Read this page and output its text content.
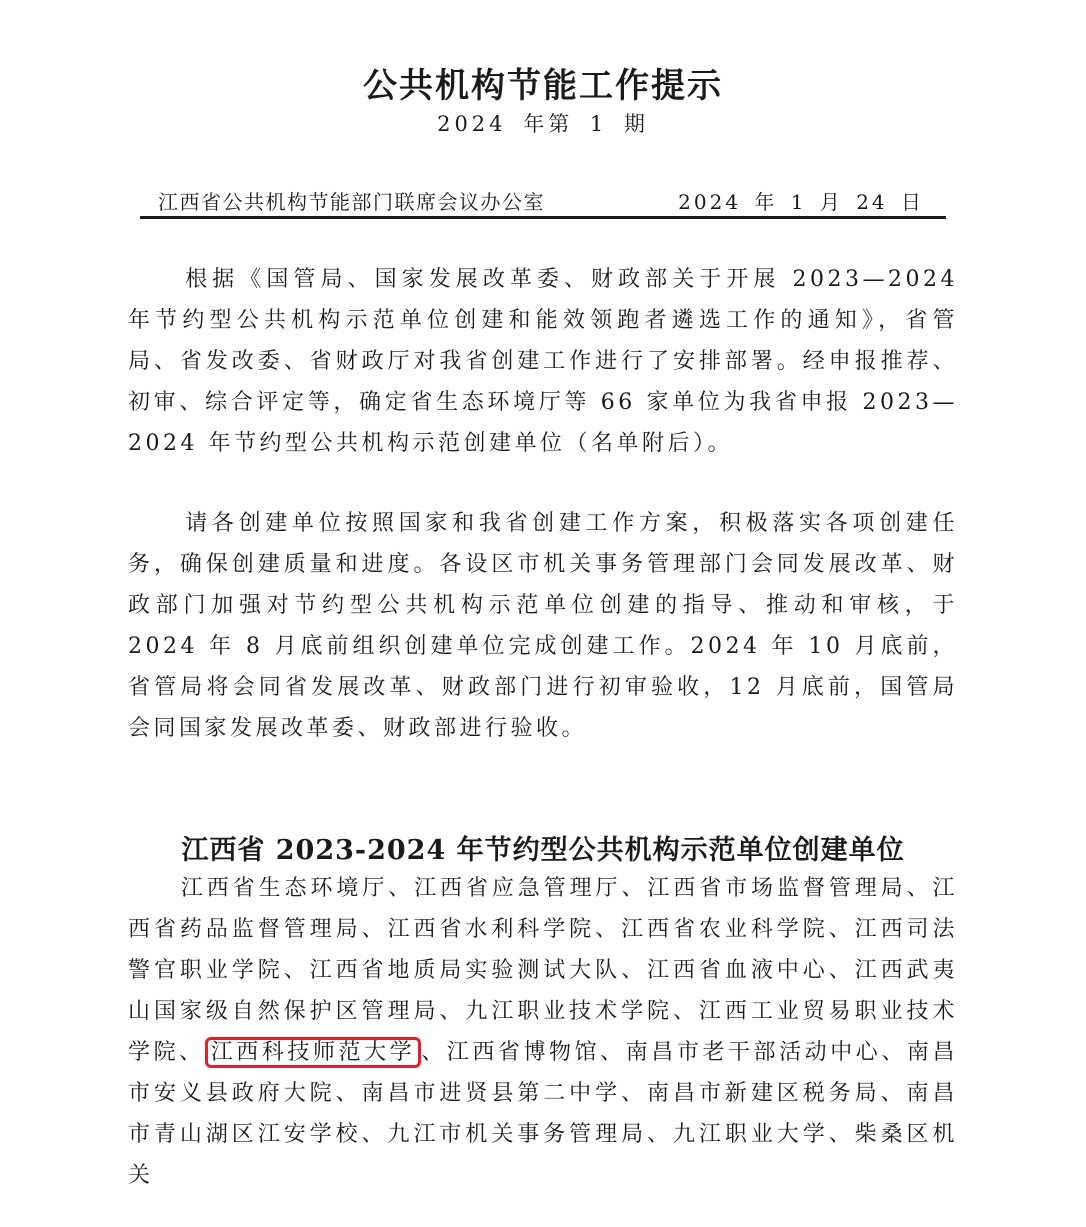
公共机构节能工作提示
2024 年第 1 期
江西省公共机构节能部门联席会议办公室	2024 年 1 月 24 日

根据《国管局、国家发展改革委、财政部关于开展 2023—2024 年节约型公共机构示范单位创建和能效领跑者遴选工作的通知》，省管局、省发改委、省财政厅对我省创建工作进行了安排部署。经申报推荐、初审、综合评定等，确定省生态环境厅等 66 家单位为我省申报 2023—2024 年节约型公共机构示范创建单位（名单附后）。

请各创建单位按照国家和我省创建工作方案，积极落实各项创建任务，确保创建质量和进度。各设区市机关事务管理部门会同发展改革、财政部门加强对节约型公共机构示范单位创建的指导、推动和审核，于 2024 年 8 月底前组织创建单位完成创建工作。2024 年 10 月底前，省管局将会同省发展改革、财政部门进行初审验收，12 月底前，国管局会同国家发展改革委、财政部进行验收。

江西省 2023-2024 年节约型公共机构示范单位创建单位

江西省生态环境厅、江西省应急管理厅、江西省市场监督管理局、江西省药品监督管理局、江西省水利科学院、江西省农业科学院、江西司法警官职业学院、江西省地质局实验测试大队、江西省血液中心、江西武夷山国家级自然保护区管理局、九江职业技术学院、江西工业贸易职业技术学院、 江西科技师范大学 、江西省博物馆、南昌市老干部活动中心、南昌市安义县政府大院、南昌市进贤县第二中学、南昌市新建区税务局、南昌市青山湖区江安学校、九江市机关事务管理局、九江职业大学、柴桑区机关
